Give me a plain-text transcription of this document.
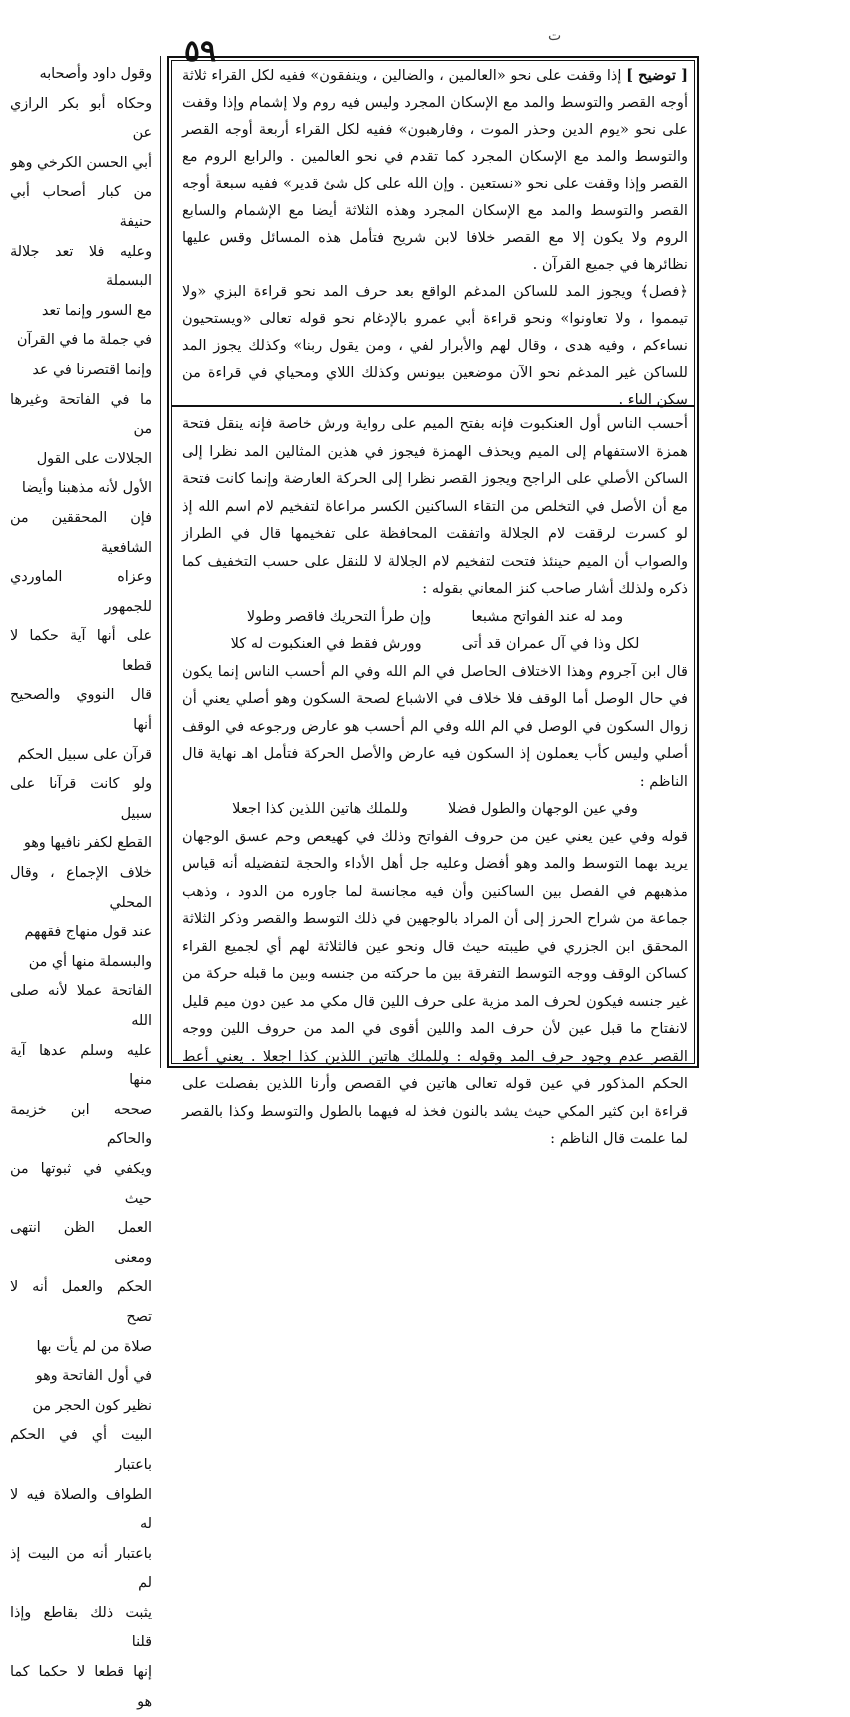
٥٩	ت

[ توضيح ] إذا وقفت على نحو «العالمين ، والضالين ، وينفقون» ففيه لكل القراء ثلاثة أوجه القصر والتوسط والمد مع الإسكان المجرد وليس فيه روم ولا إشمام وإذا وقفت على نحو «يوم الدين وحذر الموت ، وفارهبون» ففيه لكل القراء أربعة أوجه القصر والتوسط والمد مع الإسكان المجرد كما تقدم في نحو العالمين . والرابع الروم مع القصر وإذا وقفت على نحو «نستعين . وإن الله على كل شئ قدير» ففيه سبعة أوجه القصر والتوسط والمد مع الإسكان المجرد وهذه الثلاثة أيضا مع الإشمام والسابع الروم ولا يكون إلا مع القصر خلافا لابن شريح فتأمل هذه المسائل وقس عليها نظائرها في جميع القرآن .

﴿فصل﴾ ويجوز المد للساكن المدغم الواقع بعد حرف المد نحو قراءة البزي «ولا تيمموا ، ولا تعاونوا» ونحو قراءة أبي عمرو بالإدغام نحو قوله تعالى «ويستحيون نساءكم ، وفيه هدى ، وقال لهم والأبرار لفي ، ومن يقول ربنا» وكذلك يجوز المد للساكن غير المدغم نحو الآن موضعين بيونس وكذلك اللاي ومحياي في قراءة من سكن الياء .

أحسب الناس أول العنكبوت فإنه بفتح الميم على رواية ورش خاصة فإنه ينقل فتحة همزة الاستفهام إلى الميم ويحذف الهمزة فيجوز في هذين المثالين المد نظرا إلى الساكن الأصلي على الراجح ويجوز القصر نظرا إلى الحركة العارضة وإنما كانت فتحة مع أن الأصل في التخلص من التقاء الساكنين الكسر مراعاة لتفخيم لام اسم الله إذ لو كسرت لرققت لام الجلالة واتفقت المحافظة على تفخيمها قال في الطراز والصواب أن الميم حينئذ فتحت لتفخيم لام الجلالة لا للنقل على حسب التخفيف كما ذكره ولذلك أشار صاحب كنز المعاني بقوله :

ومد له عند الفواتح مشبعا
وإن طرأ التحريك فاقصر وطولا
لكل وذا في آل عمران قد أتى
وورش فقط في العنكبوت له كلا

قال ابن آجروم وهذا الاختلاف الحاصل في الم الله وفي الم أحسب الناس إنما يكون في حال الوصل أما الوقف فلا خلاف في الاشباع لصحة السكون وهو أصلي يعني أن زوال السكون في الوصل في الم الله وفي الم أحسب هو عارض ورجوعه في الوقف أصلي وليس كأب يعملون إذ السكون فيه عارض والأصل الحركة فتأمل اهـ نهاية قال الناظم :

وفي عين الوجهان والطول فضلا
وللملك هاتين اللذين كذا اجعلا

قوله وفي عين يعني عين من حروف الفواتح وذلك في كهيعص وحم عسق الوجهان يريد بهما التوسط والمد وهو أفضل وعليه جل أهل الأداء والحجة لتفضيله أنه قياس مذهبهم في الفصل بين الساكنين وأن فيه مجانسة لما جاوره من الدود ، وذهب جماعة من شراح الحرز إلى أن المراد بالوجهين في ذلك التوسط والقصر وذكر الثلاثة المحقق ابن الجزري في طيبته حيث قال ونحو عين فالثلاثة لهم أي لجميع القراء كساكن الوقف ووجه التوسط التفرقة بين ما حركته من جنسه وبين ما قبله حركة من غير جنسه فيكون لحرف المد مزية على حرف اللين قال مكي مد عين دون ميم قليل لانفتاح ما قبل عين لأن حرف المد واللين أقوى في المد من حروف اللين ووجه القصر عدم وجود حرف المد وقوله : وللملك هاتين اللذين كذا اجعلا . يعني أعط الحكم المذكور في عين قوله تعالى هاتين في القصص وأرنا اللذين بفصلت على قراءة ابن كثير المكي حيث يشد بالنون فخذ له فيهما بالطول والتوسط وكذا بالقصر لما علمت قال الناظم :

وقول داود وأصحابه

وحكاه أبو بكر الرازي عن

أبي الحسن الكرخي وهو

من كبار أصحاب أبي حنيفة

وعليه فلا تعد جلالة البسملة

مع السور وإنما تعد

في جملة ما في القرآن

وإنما اقتصرنا في عد

ما في الفاتحة وغيرها من

الجلالات على القول

الأول لأنه مذهبنا وأيضا

فإن المحققين من الشافعية

وعزاه الماوردي للجمهور

على أنها آية حكما لا قطعا

قال النووي والصحيح أنها

قرآن على سبيل الحكم

ولو كانت قرآنا على سبيل

القطع لكفر نافيها وهو

خلاف الإجماع ، وقال المحلي

عند قول منهاج فقههم

والبسملة منها أي من

الفاتحة عملا لأنه صلى الله

عليه وسلم عدها آية منها

صححه ابن خزيمة والحاكم

ويكفي في ثبوتها من حيث

العمل الظن انتهى ومعنى

الحكم والعمل أنه لا تصح

صلاة من لم يأت بها

في أول الفاتحة وهو

نظير كون الحجر من

البيت أي في الحكم باعتبار

الطواف والصلاة فيه لا له

باعتبار أنه من البيت إذ لم

يثبت ذلك بقاطع وإذا قلنا

إنها قطعا لا حكما كما هو
